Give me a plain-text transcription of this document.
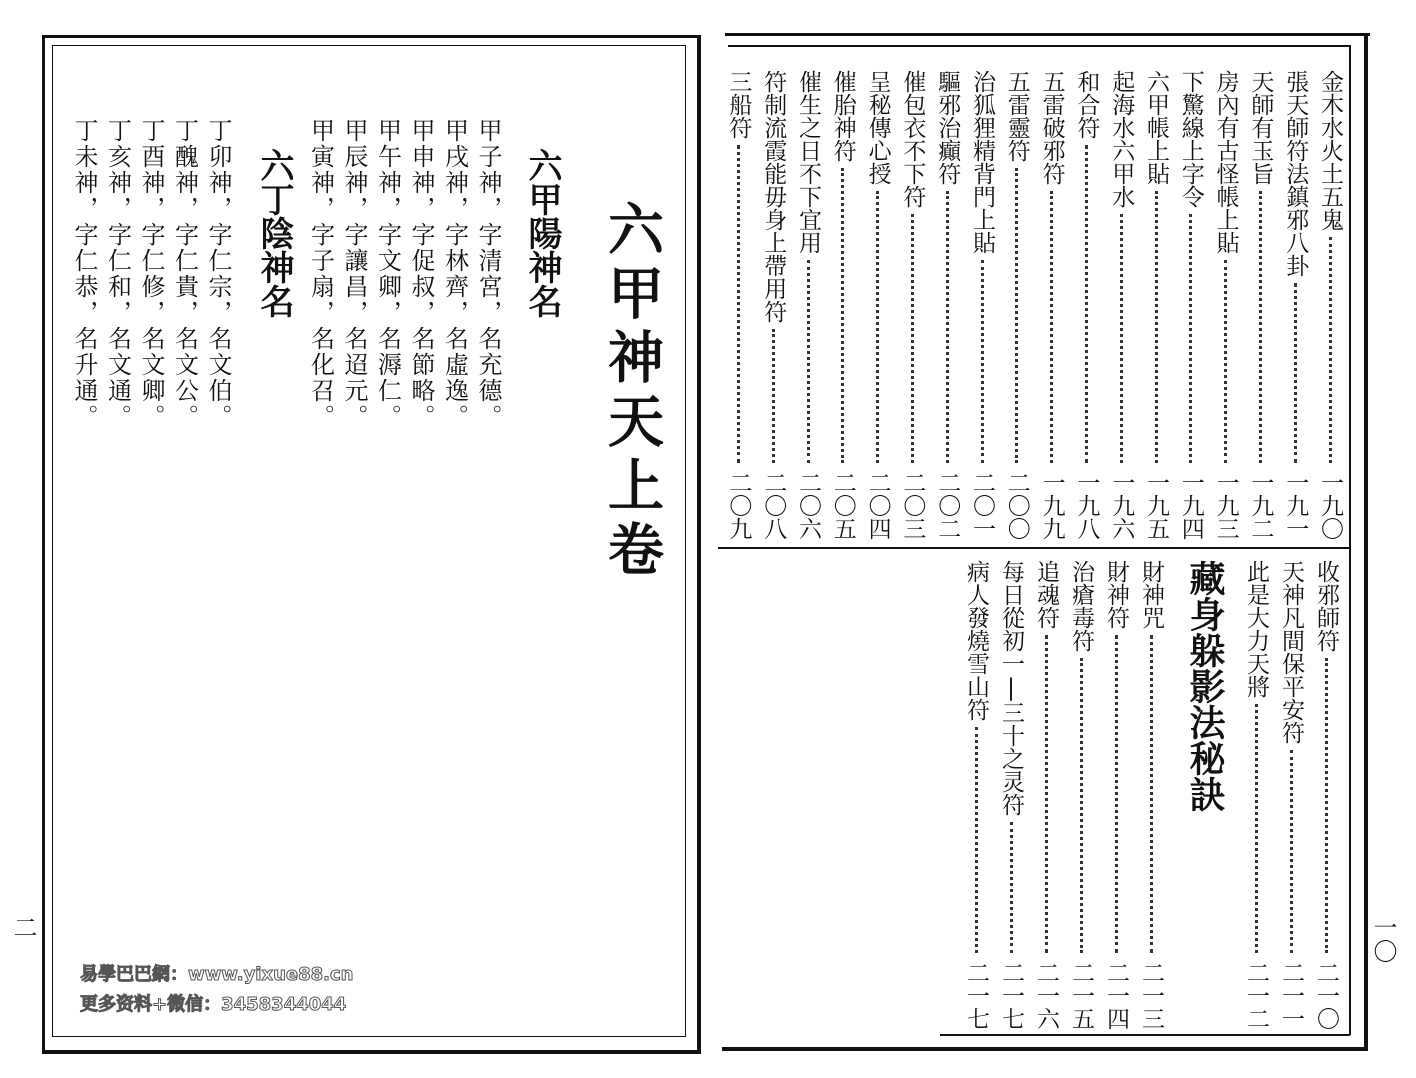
六甲神天上卷
六甲陽神名
甲子神，字清宮，名充德。
甲戌神，字林齊，名虛逸。
甲申神，字促叔，名節略。
甲午神，字文卿，名溽仁。
甲辰神，字讓昌，名迢元。
甲寅神，字子扇，名化召。
六丁陰神名
丁卯神，字仁宗，名文伯。
丁醜神，字仁貴，名文公。
丁酉神，字仁修，名文卿。
丁亥神，字仁和，名文通。
丁未神，字仁恭，名升通。
二
金木水火土五鬼
一九〇
張天師符法鎮邪八卦
一九一
天師有玉旨
一九二
房內有古怪帳上貼
一九三
下驚線上字令
一九四
六甲帳上貼
一九五
起海水六甲水
一九六
和合符
一九八
五雷破邪符
一九九
五雷靈符
二〇〇
治狐狸精背門上貼
二〇一
驅邪治癲符
二〇二
催包衣不下符
二〇三
呈秘傳心授
二〇四
催胎神符
二〇五
催生之日不下宜用
二〇六
符制流霞能毋身上帶用符
二〇八
三船符
二〇九
收邪師符
二一〇
天神凡間保平安符
二一一
此是大力天將
二一二
財神咒
二一三
財神符
二一四
治瘡毒符
二一五
追魂符
二一六
每日從初一|三十之灵符
二一七
病人發燒雪山符
二一七
藏身躲影法秘訣
一〇
易學巴巴網：www.yixue88.cn
更多资料+微信：3458344044
